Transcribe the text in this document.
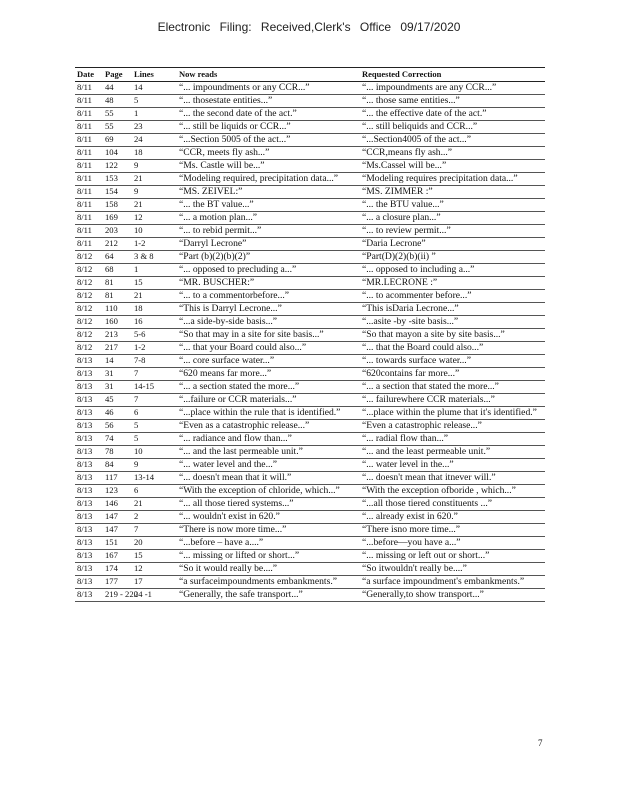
Electronic Filing: Received,Clerk's Office 09/17/2020
Date	Page	Lines	Now reads	Requested Correction
8/11	44	14	“... impoundments or any CCR...”	“... impoundments are any CCR...”
8/11	48	5	“... thosestate entities...”	“... those same entities...”
8/11	55	1	“... the second date of the act.”	“... the effective date of the act.”
8/11	55	23	“... still be liquids or CCR...”	“... still beliquids and CCR...”
8/11	69	24	“...Section 5005 of the act...”	“...Section4005 of the act...”
8/11	104	18	“CCR, meets fly ash...”	“CCR,means fly ash...”
8/11	122	9	“Ms. Castle will be...”	“Ms.Cassel will be...”
8/11	153	21	“Modeling required, precipitation data...”	“Modeling requires precipitation data...”
8/11	154	9	“MS. ZEIVEL:”	“MS. ZIMMER :”
8/11	158	21	“... the BT value...”	“... the BTU value...”
8/11	169	12	“... a motion plan...”	“... a closure plan...”
8/11	203	10	“... to rebid permit...”	“... to review permit...”
8/11	212	1-2	“Darryl Lecrone”	“Daria Lecrone”
8/12	64	3 & 8	“Part (b)(2)(b)(2)”	“Part(D)(2)(b)(ii) ”
8/12	68	1	“... opposed to precluding a...”	“... opposed to including a...”
8/12	81	15	“MR. BUSCHER:”	“MR.LECRONE :”
8/12	81	21	“... to a commentorbefore...”	“... to acommenter before...”
8/12	110	18	“This is Darryl Lecrone...”	“This isDaria Lecrone...”
8/12	160	16	“...a side-by-side basis...”	“...asite -by -site basis...”
8/12	213	5-6	“So that may in a site for site basis...”	“So that mayon a site by site basis...”
8/12	217	1-2	“... that your Board could also...”	“... that the Board could also...”
8/13	14	7-8	“... core surface water...”	“... towards surface water...”
8/13	31	7	“620 means far more...”	“620contains far more...”
8/13	31	14-15	“... a section stated the more...”	“... a section that stated the more...”
8/13	45	7	“...failure or CCR materials...”	“... failurewhere CCR materials...”
8/13	46	6	“...place within the rule that is identified.”	“...place within the plume that it's identified.”
8/13	56	5	“Even as a catastrophic release...”	“Even a catastrophic release...”
8/13	74	5	“... radiance and flow than...”	“... radial flow than...”
8/13	78	10	“... and the last permeable unit.”	“... and the least permeable unit.”
8/13	84	9	“... water level and the...”	“... water level in the...”
8/13	117	13-14	“... doesn't mean that it will.”	“... doesn't mean that itnever will.”
8/13	123	6	“With the exception of chloride, which...”	“With the exception ofboride , which...”
8/13	146	21	“... all those tiered systems...”	“...all those tiered constituents ...”
8/13	147	2	“... wouldn't exist in 620.”	“... already exist in 620.”
8/13	147	7	“There is now more time...”	“There isno more time...”
8/13	151	20	“...before – have a....”	“...before—you have a...”
8/13	167	15	“... missing or lifted or short...”	“... missing or left out or short...”
8/13	174	12	“So it would really be....”	“So itwouldn't really be....”
8/13	177	17	“a surfaceimpoundments embankments.”	“a surface impoundment's embankments.”
8/13	219 - 220	24 -1	“Generally, the safe transport...”	“Generally,to show transport...”
7
